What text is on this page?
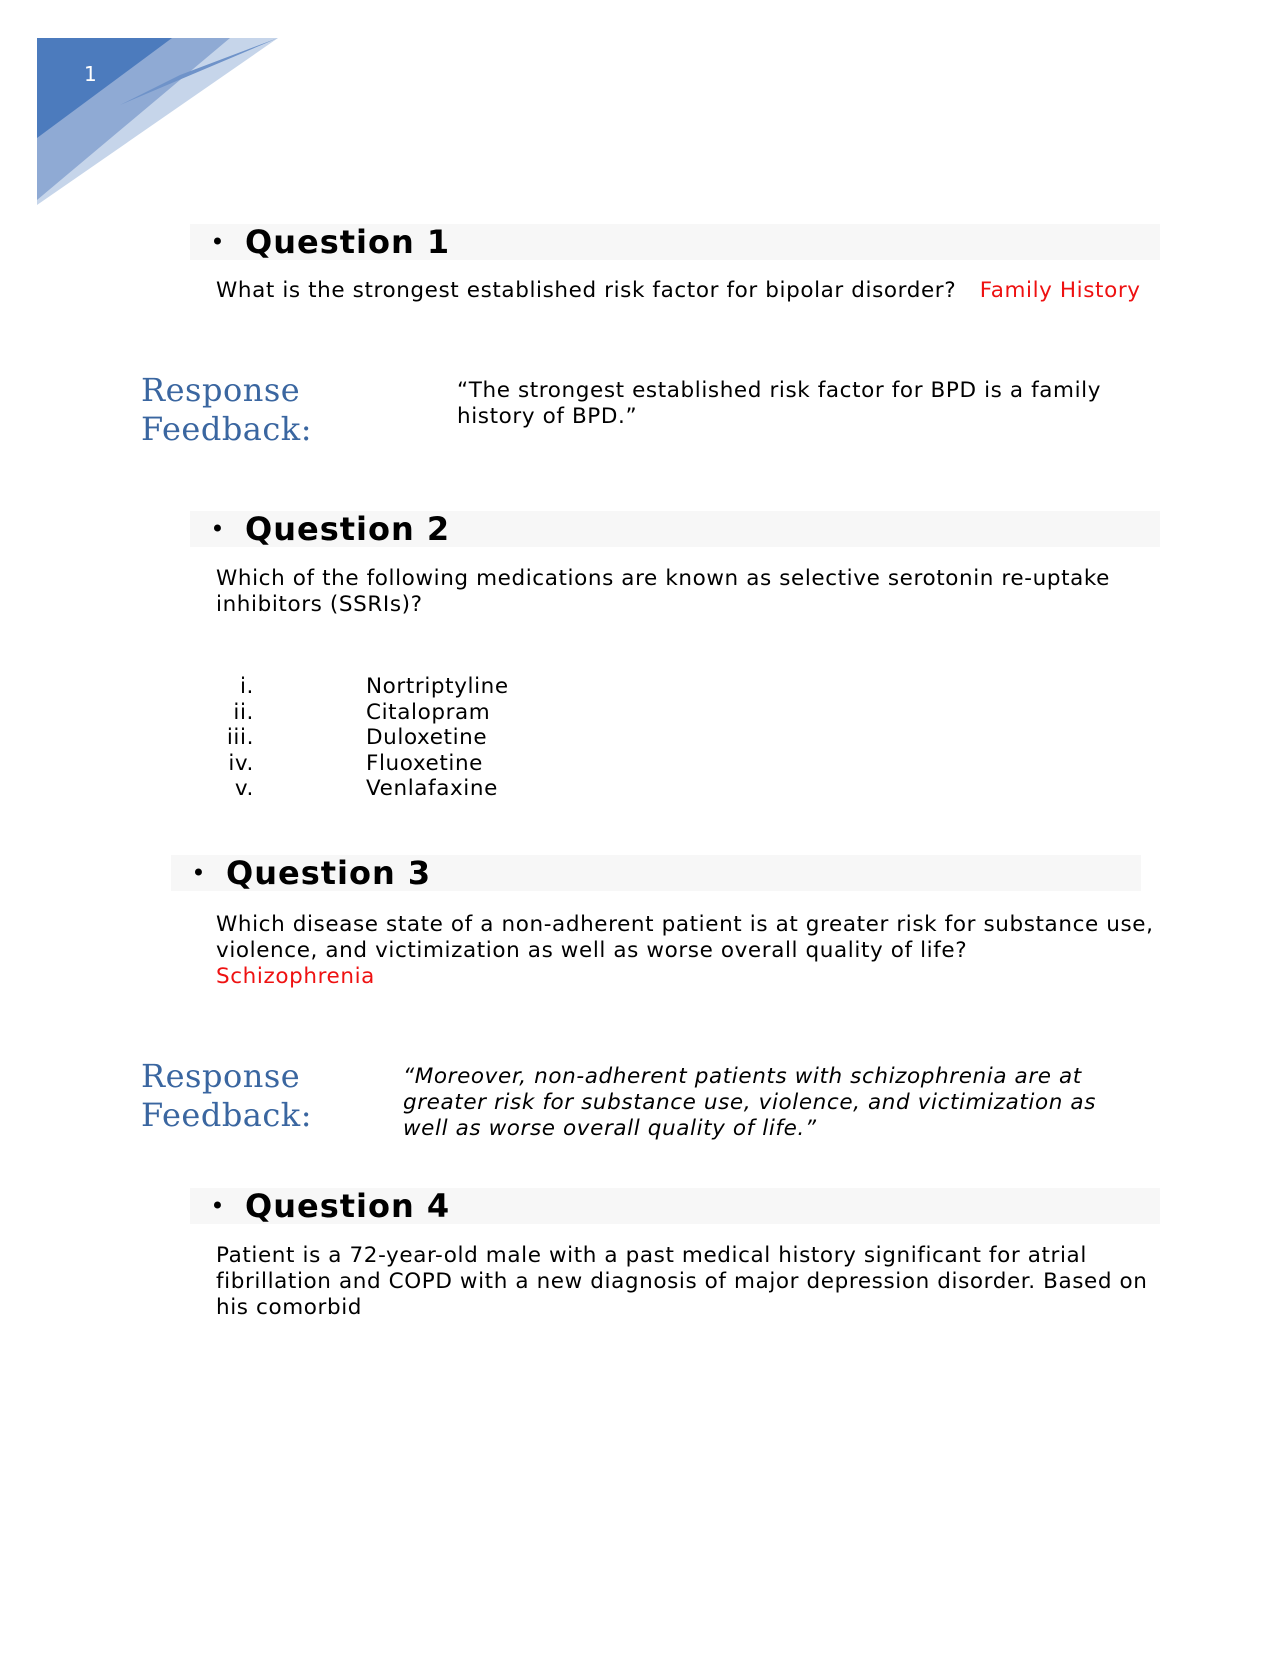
1
• Question 1
What is the strongest established risk factor for bipolar disorder? Family History
Response
Feedback:
“The strongest established risk factor for BPD is a family history of BPD.”
• Question 2
Which of the following medications are known as selective serotonin re-uptake inhibitors (SSRIs)?
i.	Nortriptyline
ii.	Citalopram
iii.	Duloxetine
iv.	Fluoxetine
v.	Venlafaxine
• Question 3
Which disease state of a non-adherent patient is at greater risk for substance use, violence, and victimization as well as worse overall quality of life?
Schizophrenia
Response
Feedback:
“Moreover, non-adherent patients with schizophrenia are at greater risk for substance use, violence, and victimization as well as worse overall quality of life.”
• Question 4
Patient is a 72-year-old male with a past medical history significant for atrial fibrillation and COPD with a new diagnosis of major depression disorder. Based on his comorbid
